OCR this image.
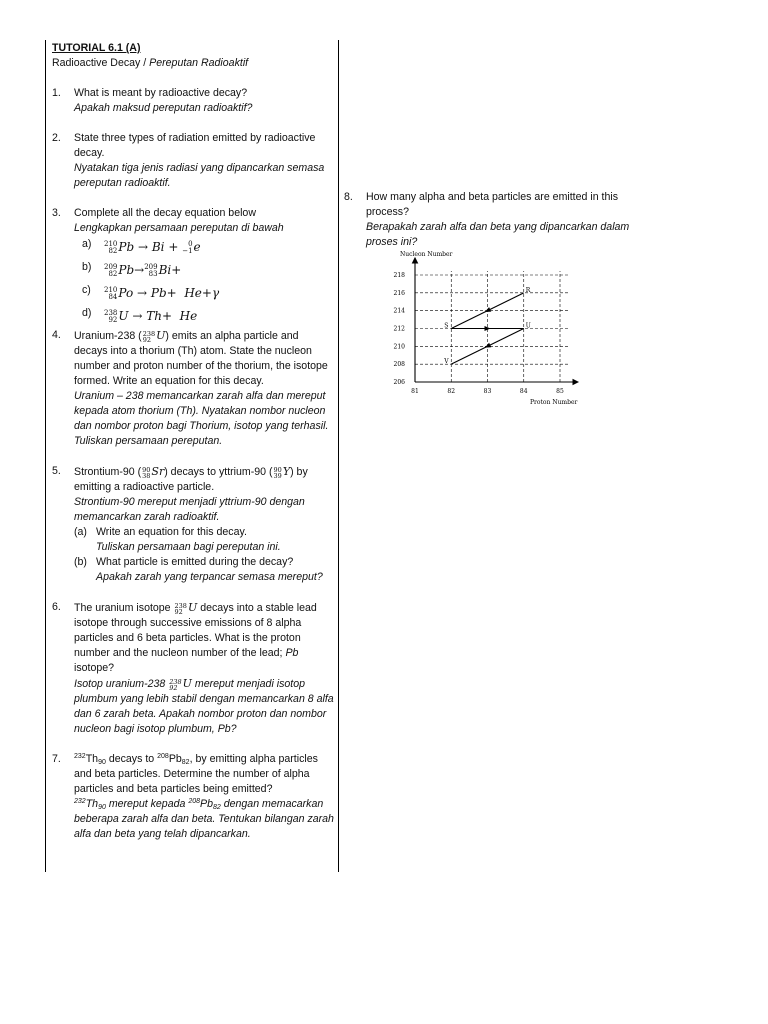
TUTORIAL 6.1 (A)
Radioactive Decay / Pereputan Radioaktif
1. What is meant by radioactive decay?
Apakah maksud pereputan radioaktif?
2. State three types of radiation emitted by radioactive decay.
Nyatakan tiga jenis radiasi yang dipancarkan semasa pereputan radioaktif.
3. Complete all the decay equation below
Lengkapkan persamaan pereputan di bawah
a) 210
82 Pb → Bi +	0
−1 e
b) 209
82 Pb→ 209
83 Bi+
c) 210
84 Po → Pb+  He+γ
d) 238
92 U → Th+  He
4. Uranium-238 ( 238
92 U) emits an alpha particle and decays into a thorium (Th) atom. State the nucleon number and proton number of the thorium, the isotope formed. Write an equation for this decay.
Uranium – 238 memancarkan zarah alfa dan mereput kepada atom thorium (Th). Nyatakan nombor nucleon dan nombor proton bagi Thorium, isotop yang terhasil. Tuliskan persamaan pereputan.
5. Strontium-90 ( 90
38 Sr) decays to yttrium-90 ( 90
39 Y) by emitting a radioactive particle.
Strontium-90 mereput menjadi yttrium-90 dengan memancarkan zarah radioaktif.
(a) Write an equation for this decay.
Tuliskan persamaan bagi pereputan ini.
(b) What particle is emitted during the decay?
Apakah zarah yang terpancar semasa mereput?
6. The uranium isotope 238
92 U decays into a stable lead isotope through successive emissions of 8 alpha particles and 6 beta particles. What is the proton number and the nucleon number of the lead; Pb isotope?
Isotop uranium-238 238
92 U mereput menjadi isotop plumbum yang lebih stabil dengan memancarkan 8 alfa dan 6 zarah beta. Apakah nombor proton dan nombor nucleon bagi isotop plumbum, Pb?
7. $^{232}Th_{90}$ decays to $^{208}Pb_{82}$, by emitting alpha particles and beta particles. Determine the number of alpha particles and beta particles being emitted?
$^{232}Th_{90}$ mereput kepada $^{208}Pb_{82}$ dengan memacarkan beberapa zarah alfa dan beta. Tentukan bilangan zarah alfa dan beta yang telah dipancarkan.
8. How many alpha and beta particles are emitted in this process?
Berapakah zarah alfa dan beta yang dipancarkan dalam proses ini?
81	82	83	84	85
206
208
210
212
214
216
218
Nucleon Number
Proton Number
R
S	U
V
